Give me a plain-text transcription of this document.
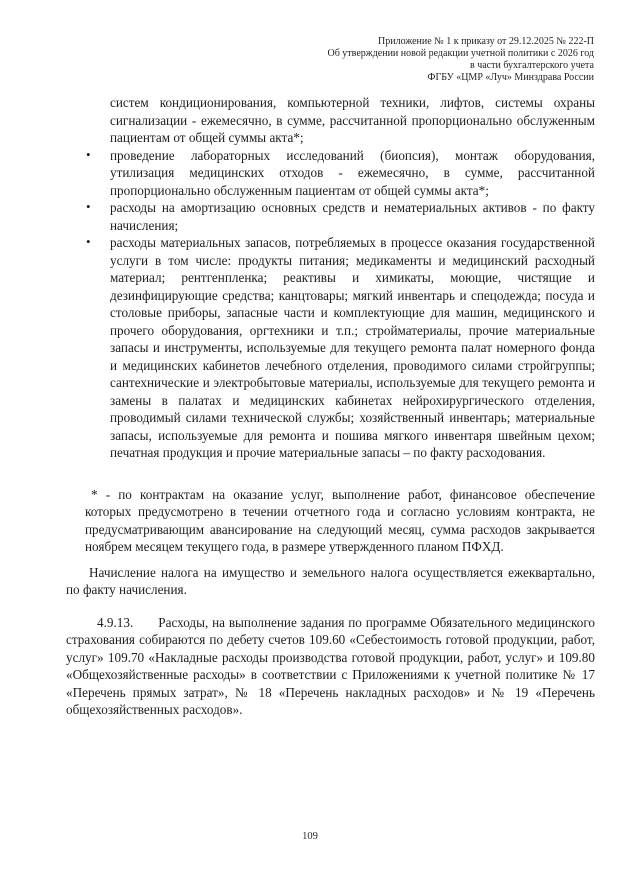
Приложение № 1 к приказу от 29.12.2025 № 222-П
Об утверждении новой редакции учетной политики с 2026 год
в части бухгалтерского учета
ФГБУ «ЦМР «Луч» Минздрава России
систем кондиционирования, компьютерной техники, лифтов, системы охраны сигнализации - ежемесячно, в сумме, рассчитанной пропорционально обслуженным пациентам от общей суммы акта*;
• проведение лабораторных исследований (биопсия), монтаж оборудования, утилизация медицинских отходов - ежемесячно, в сумме, рассчитанной пропорционально обслуженным пациентам от общей суммы акта*;
• расходы на амортизацию основных средств и нематериальных активов - по факту начисления;
• расходы материальных запасов, потребляемых в процессе оказания государственной услуги в том числе: продукты питания; медикаменты и медицинский расходный материал; рентгенпленка; реактивы и химикаты, моющие, чистящие и дезинфицирующие средства; канцтовары; мягкий инвентарь и спецодежда; посуда и столовые приборы, запасные части и комплектующие для машин, медицинского и прочего оборудования, оргтехники и т.п.; стройматериалы, прочие материальные запасы и инструменты, используемые для текущего ремонта палат номерного фонда и медицинских кабинетов лечебного отделения, проводимого силами стройгруппы; сантехнические и электробытовые материалы, используемые для текущего ремонта и замены в палатах и медицинских кабинетах нейрохирургического отделения, проводимый силами технической службы; хозяйственный инвентарь; материальные запасы, используемые для ремонта и пошива мягкого инвентаря швейным цехом; печатная продукция и прочие материальные запасы – по факту расходования.
* - по контрактам на оказание услуг, выполнение работ, финансовое обеспечение которых предусмотрено в течении отчетного года и согласно условиям контракта, не предусматривающим авансирование на следующий месяц, сумма расходов закрывается ноябрем месяцем текущего года, в размере утвержденного планом ПФХД.
Начисление налога на имущество и земельного налога осуществляется ежеквартально, по факту начисления.
4.9.13. Расходы, на выполнение задания по программе Обязательного медицинского страхования собираются по дебету счетов 109.60 «Себестоимость готовой продукции, работ, услуг» 109.70 «Накладные расходы производства готовой продукции, работ, услуг» и 109.80 «Общехозяйственные расходы» в соответствии с Приложениями к учетной политике № 17 «Перечень прямых затрат», № 18 «Перечень накладных расходов» и № 19 «Перечень общехозяйственных расходов».
109
